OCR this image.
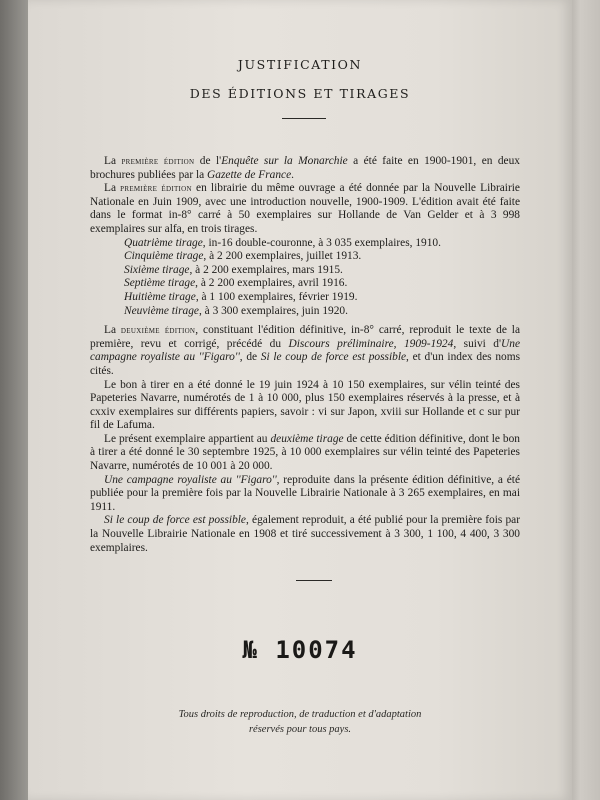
JUSTIFICATION
DES ÉDITIONS ET TIRAGES

La première édition de l'Enquête sur la Monarchie a été faite en 1900-1901, en deux brochures publiées par la Gazette de France.

La première édition en librairie du même ouvrage a été donnée par la Nouvelle Librairie Nationale en Juin 1909, avec une introduction nouvelle, 1900-1909. L'édition avait été faite dans le format in-8° carré à 50 exemplaires sur Hollande de Van Gelder et à 3 998 exemplaires sur alfa, en trois tirages.

Quatrième tirage, in-16 double-couronne, à 3 035 exemplaires, 1910.

Cinquième tirage, à 2 200 exemplaires, juillet 1913.

Sixième tirage, à 2 200 exemplaires, mars 1915.

Septième tirage, à 2 200 exemplaires, avril 1916.

Huitième tirage, à 1 100 exemplaires, février 1919.

Neuvième tirage, à 3 300 exemplaires, juin 1920.

La deuxième édition, constituant l'édition définitive, in-8° carré, reproduit le texte de la première, revu et corrigé, précédé du Discours préliminaire, 1909-1924, suivi d'Une campagne royaliste au ''Figaro'', de Si le coup de force est possible, et d'un index des noms cités.

Le bon à tirer en a été donné le 19 juin 1924 à 10 150 exemplaires, sur vélin teinté des Papeteries Navarre, numérotés de 1 à 10 000, plus 150 exemplaires réservés à la presse, et à cxxiv exemplaires sur différents papiers, savoir : vi sur Japon, xviii sur Hollande et c sur pur fil de Lafuma.

Le présent exemplaire appartient au deuxième tirage de cette édition définitive, dont le bon à tirer a été donné le 30 septembre 1925, à 10 000 exemplaires sur vélin teinté des Papeteries Navarre, numérotés de 10 001 à 20 000.

Une campagne royaliste au ''Figaro'', reproduite dans la présente édition définitive, a été publiée pour la première fois par la Nouvelle Librairie Nationale à 3 265 exemplaires, en mai 1911.

Si le coup de force est possible, également reproduit, a été publié pour la première fois par la Nouvelle Librairie Nationale en 1908 et tiré successivement à 3 300, 1 100, 4 400, 3 300 exemplaires.

№ 10074
Tous droits de reproduction, de traduction et d'adaptation
réservés pour tous pays.
